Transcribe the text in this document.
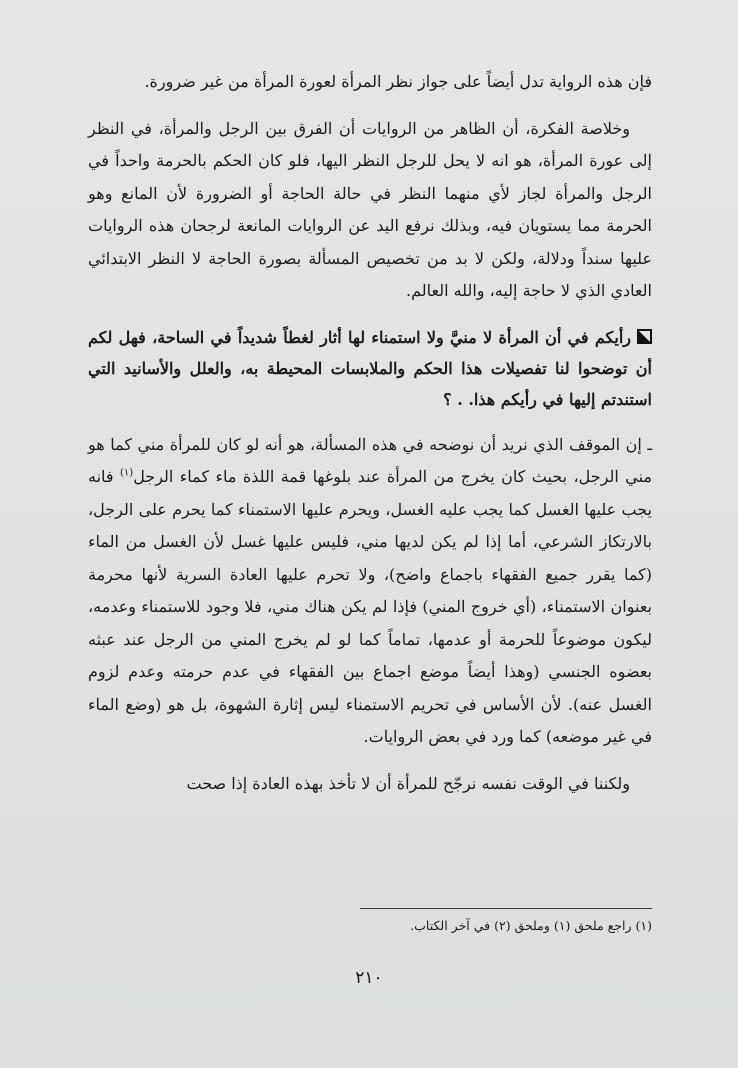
فإن هذه الرواية تدل أيضاً على جواز نظر المرأة لعورة المرأة من غير ضرورة.

وخلاصة الفكرة، أن الظاهر من الروايات أن الفرق بين الرجل والمرأة، في النظر إلى عورة المرأة، هو انه لا يحل للرجل النظر اليها، فلو كان الحكم بالحرمة واحداً في الرجل والمرأة لجاز لأي منهما النظر في حالة الحاجة أو الضرورة لأن المانع وهو الحرمة مما يستويان فيه، وبذلك نرفع اليد عن الروايات المانعة لرجحان هذه الروايات عليها سنداً ودلالة، ولكن لا بد من تخصيص المسألة بصورة الحاجة لا النظر الابتدائي العادي الذي لا حاجة إليه، والله العالم.

رأيكم في أن المرأة لا منيَّ ولا استمناء لها أثار لغطاً شديداً في الساحة، فهل لكم أن توضحوا لنا تفصيلات هذا الحكم والملابسات المحيطة به، والعلل والأسانيد التي استندتم إليها في رأيكم هذا. . ؟

ـ إن الموقف الذي نريد أن نوضحه في هذه المسألة، هو أنه لو كان للمرأة مني كما هو مني الرجل، بحيث كان يخرج من المرأة عند بلوغها قمة اللذة ماء كماء الرجل$^{(١)}$ فانه يجب عليها الغسل كما يجب عليه الغسل، ويحرم عليها الاستمناء كما يحرم على الرجل، بالارتكاز الشرعي، أما إذا لم يكن لديها مني، فليس عليها غسل لأن الغسل من الماء (كما يقرر جميع الفقهاء باجماع واضح)، ولا تحرم عليها العادة السرية لأنها محرمة بعنوان الاستمناء، (أي خروج المني) فإذا لم يكن هناك مني، فلا وجود للاستمناء وعدمه، ليكون موضوعاً للحرمة أو عدمها، تماماً كما لو لم يخرج المني من الرجل عند عبثه بعضوه الجنسي (وهذا أيضاً موضع اجماع بين الفقهاء في عدم حرمته وعدم لزوم الغسل عنه). لأن الأساس في تحريم الاستمناء ليس إثارة الشهوة، بل هو (وضع الماء في غير موضعه) كما ورد في بعض الروايات.

ولكننا في الوقت نفسه نرجّح للمرأة أن لا تأخذ بهذه العادة إذا صحت

(١) راجع ملحق (١) وملحق (٢) في آخر الكتاب.
٢١٠
